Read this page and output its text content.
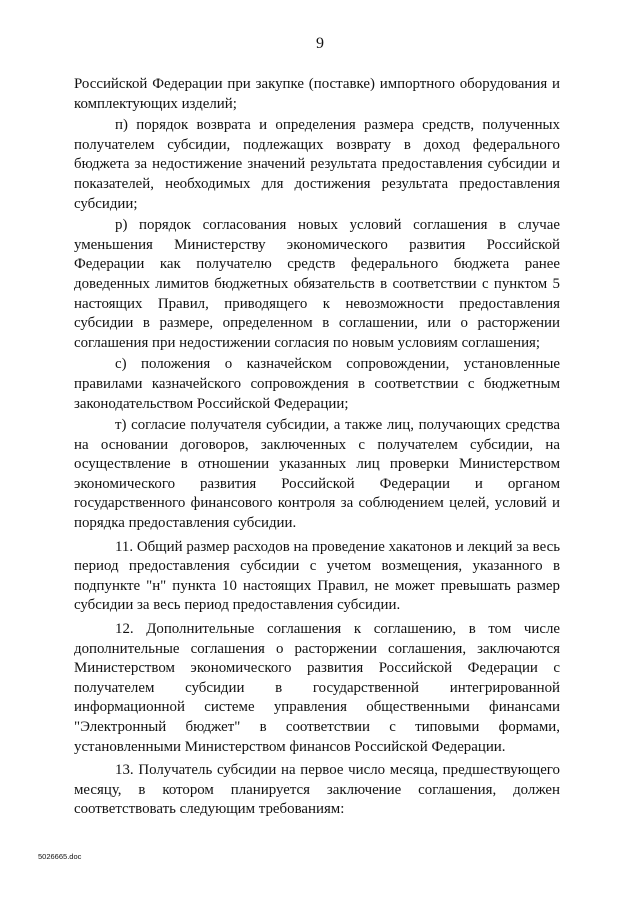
9

Российской Федерации при закупке (поставке) импортного оборудования и комплектующих изделий;

п) порядок возврата и определения размера средств, полученных получателем субсидии, подлежащих возврату в доход федерального бюджета за недостижение значений результата предоставления субсидии и показателей, необходимых для достижения результата предоставления субсидии;

р) порядок согласования новых условий соглашения в случае уменьшения Министерству экономического развития Российской Федерации как получателю средств федерального бюджета ранее доведенных лимитов бюджетных обязательств в соответствии с пунктом 5 настоящих Правил, приводящего к невозможности предоставления субсидии в размере, определенном в соглашении, или о расторжении соглашения при недостижении согласия по новым условиям соглашения;

с) положения о казначейском сопровождении, установленные правилами казначейского сопровождения в соответствии с бюджетным законодательством Российской Федерации;

т) согласие получателя субсидии, а также лиц, получающих средства на основании договоров, заключенных с получателем субсидии, на осуществление в отношении указанных лиц проверки Министерством экономического развития Российской Федерации и органом государственного финансового контроля за соблюдением целей, условий и порядка предоставления субсидии.

11. Общий размер расходов на проведение хакатонов и лекций за весь период предоставления субсидии с учетом возмещения, указанного в подпункте "н" пункта 10 настоящих Правил, не может превышать размер субсидии за весь период предоставления субсидии.

12. Дополнительные соглашения к соглашению, в том числе дополнительные соглашения о расторжении соглашения, заключаются Министерством экономического развития Российской Федерации с получателем субсидии в государственной интегрированной информационной системе управления общественными финансами "Электронный бюджет" в соответствии с типовыми формами, установленными Министерством финансов Российской Федерации.

13. Получатель субсидии на первое число месяца, предшествующего месяцу, в котором планируется заключение соглашения, должен соответствовать следующим требованиям:

5026665.doc
